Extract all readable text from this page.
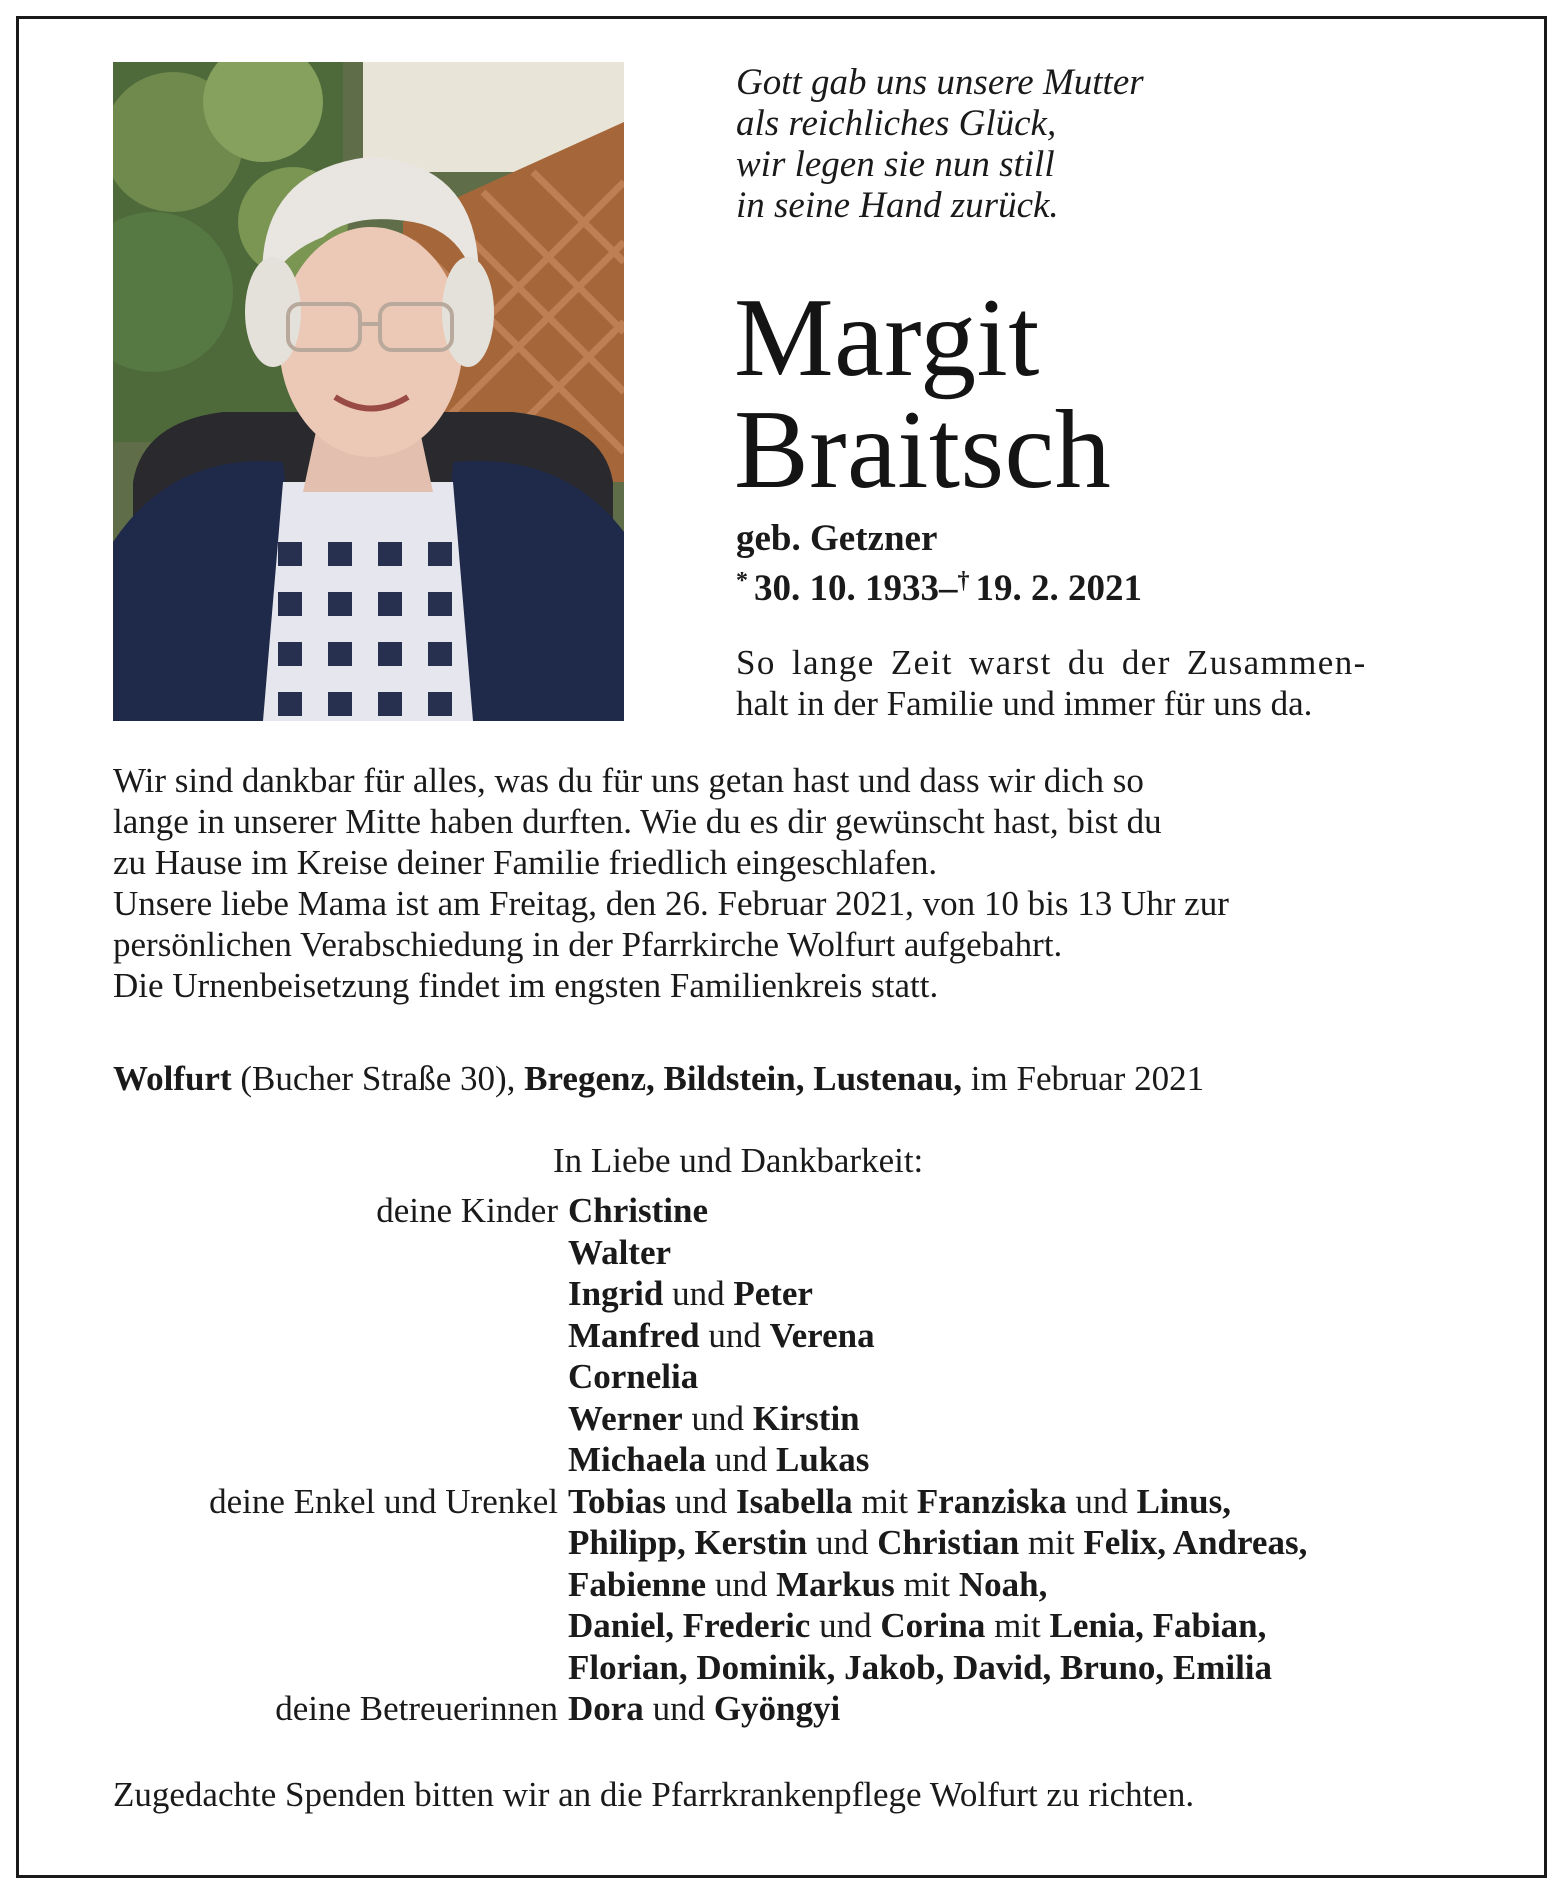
Gott gab uns unsere Mutter
als reichliches Glück,
wir legen sie nun still
in seine Hand zurück.
Margit
Braitsch
geb. Getzner
* 30. 10. 1933–† 19. 2. 2021
So lange Zeit warst du der Zusammen-
halt in der Familie und immer für uns da.
Wir sind dankbar für alles, was du für uns getan hast und dass wir dich so
lange in unserer Mitte haben durften. Wie du es dir gewünscht hast, bist du
zu Hause im Kreise deiner Familie friedlich eingeschlafen.
Unsere liebe Mama ist am Freitag, den 26. Februar 2021, von 10 bis 13 Uhr zur
persönlichen Verabschiedung in der Pfarrkirche Wolfurt aufgebahrt.
Die Urnenbeisetzung findet im engsten Familienkreis statt.
Wolfurt (Bucher Straße 30), Bregenz, Bildstein, Lustenau, im Februar 2021
In Liebe und Dankbarkeit:
deine Kinder Christine
Walter
Ingrid und Peter
Manfred und Verena
Cornelia
Werner und Kirstin
Michaela und Lukas
deine Enkel und Urenkel Tobias und Isabella mit Franziska und Linus,
Philipp, Kerstin und Christian mit Felix, Andreas,
Fabienne und Markus mit Noah,
Daniel, Frederic und Corina mit Lenia, Fabian,
Florian, Dominik, Jakob, David, Bruno, Emilia
deine Betreuerinnen Dora und Gyöngyi
Zugedachte Spenden bitten wir an die Pfarrkrankenpflege Wolfurt zu richten.
